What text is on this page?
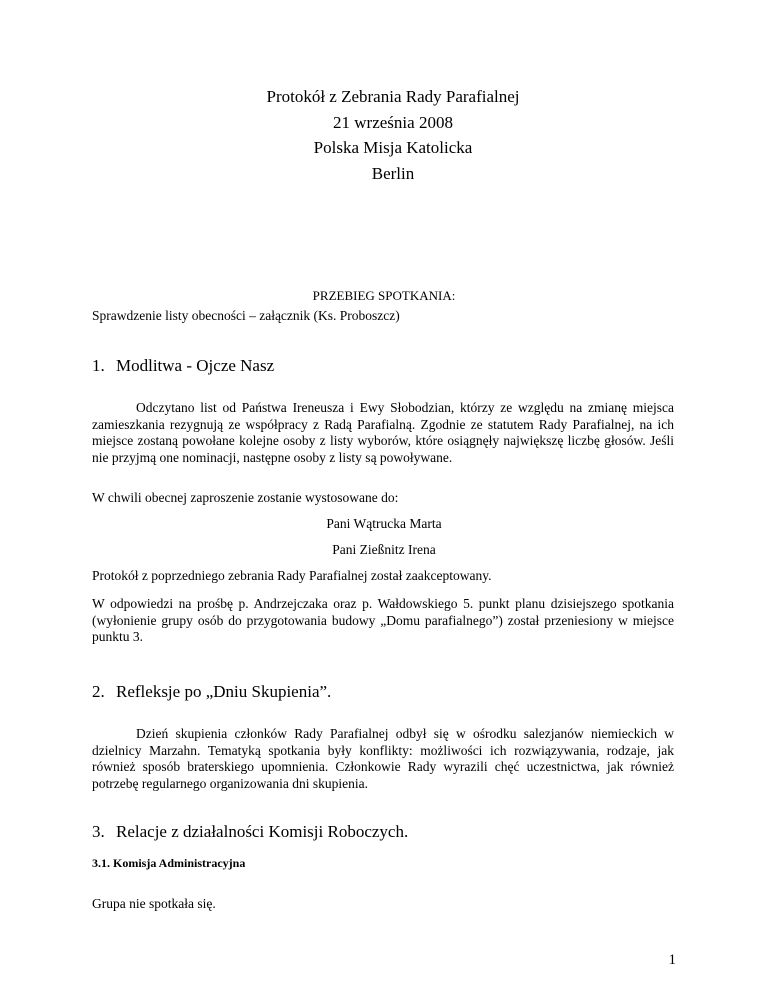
Protokół z Zebrania Rady Parafialnej
21 września 2008
Polska Misja Katolicka
Berlin
PRZEBIEG SPOTKANIA:
Sprawdzenie listy obecności – załącznik (Ks. Proboszcz)
1. Modlitwa - Ojcze Nasz
Odczytano list od Państwa Ireneusza i Ewy Słobodzian, którzy ze względu na zmianę miejsca zamieszkania rezygnują ze współpracy z Radą Parafialną. Zgodnie ze statutem Rady Parafialnej, na ich miejsce zostaną powołane kolejne osoby z listy wyborów, które osiągnęły największę liczbę głosów. Jeśli nie przyjmą one nominacji, następne osoby z listy są powoływane.
W chwili obecnej zaproszenie zostanie wystosowane do:
Pani Wątrucka Marta
Pani Zießnitz Irena
Protokół z poprzedniego zebrania Rady Parafialnej został zaakceptowany.
W odpowiedzi na prośbę p. Andrzejczaka oraz p. Wałdowskiego 5. punkt planu dzisiejszego spotkania (wyłonienie grupy osób do przygotowania budowy „Domu parafialnego”) został przeniesiony w miejsce punktu 3.
2. Refleksje po „Dniu Skupienia”.
Dzień skupienia członków Rady Parafialnej odbył się w ośrodku salezjanów niemieckich w dzielnicy Marzahn. Tematyką spotkania były konflikty: możliwości ich rozwiązywania, rodzaje, jak również sposób braterskiego upomnienia. Członkowie Rady wyrazili chęć uczestnictwa, jak również potrzebę regularnego organizowania dni skupienia.
3. Relacje z działalności Komisji Roboczych.
3.1. Komisja Administracyjna
Grupa nie spotkała się.
1
